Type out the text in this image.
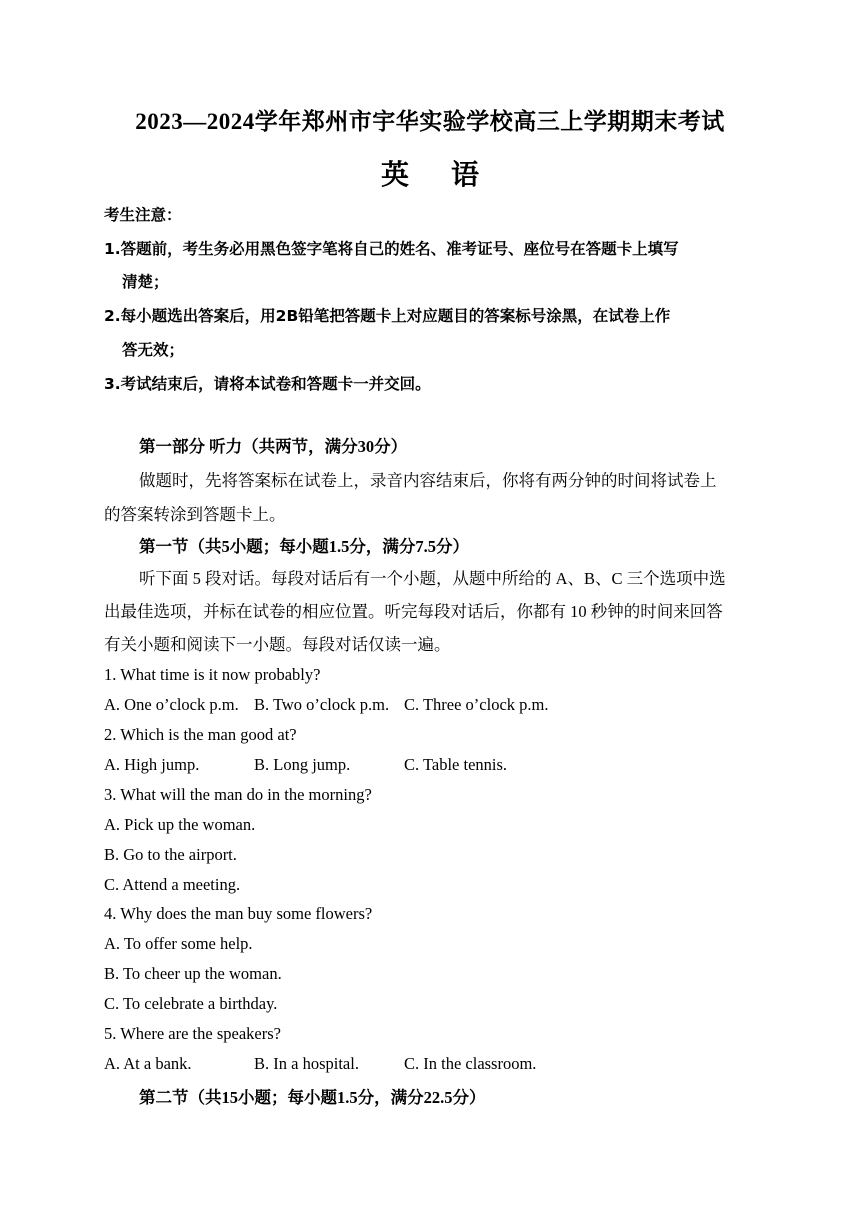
2023—2024学年郑州市宇华实验学校高三上学期期末考试
英语
考生注意：
1.答题前，考生务必用黑色签字笔将自己的姓名、准考证号、座位号在答题卡上填写
清楚；
2.每小题选出答案后，用2B铅笔把答题卡上对应题目的答案标号涂黑，在试卷上作
答无效；
3.考试结束后，请将本试卷和答题卡一并交回。
第一部分 听力（共两节，满分30分）
做题时，先将答案标在试卷上，录音内容结束后，你将有两分钟的时间将试卷上
的答案转涂到答题卡上。
第一节（共5小题；每小题1.5分，满分7.5分）
听下面 5 段对话。每段对话后有一个小题，从题中所给的 A、B、C 三个选项中选
出最佳选项，并标在试卷的相应位置。听完每段对话后，你都有 10 秒钟的时间来回答
有关小题和阅读下一小题。每段对话仅读一遍。
1. What time is it now probably?
A. One o’clock p.m. B. Two o’clock p.m. C. Three o’clock p.m.
2. Which is the man good at?
A. High jump.	B. Long jump.	C. Table tennis.
3. What will the man do in the morning?
A. Pick up the woman.
B. Go to the airport.
C. Attend a meeting.
4. Why does the man buy some flowers?
A. To offer some help.
B. To cheer up the woman.
C. To celebrate a birthday.
5. Where are the speakers?
A. At a bank.	B. In a hospital.	C. In the classroom.
第二节（共15小题；每小题1.5分，满分22.5分）
